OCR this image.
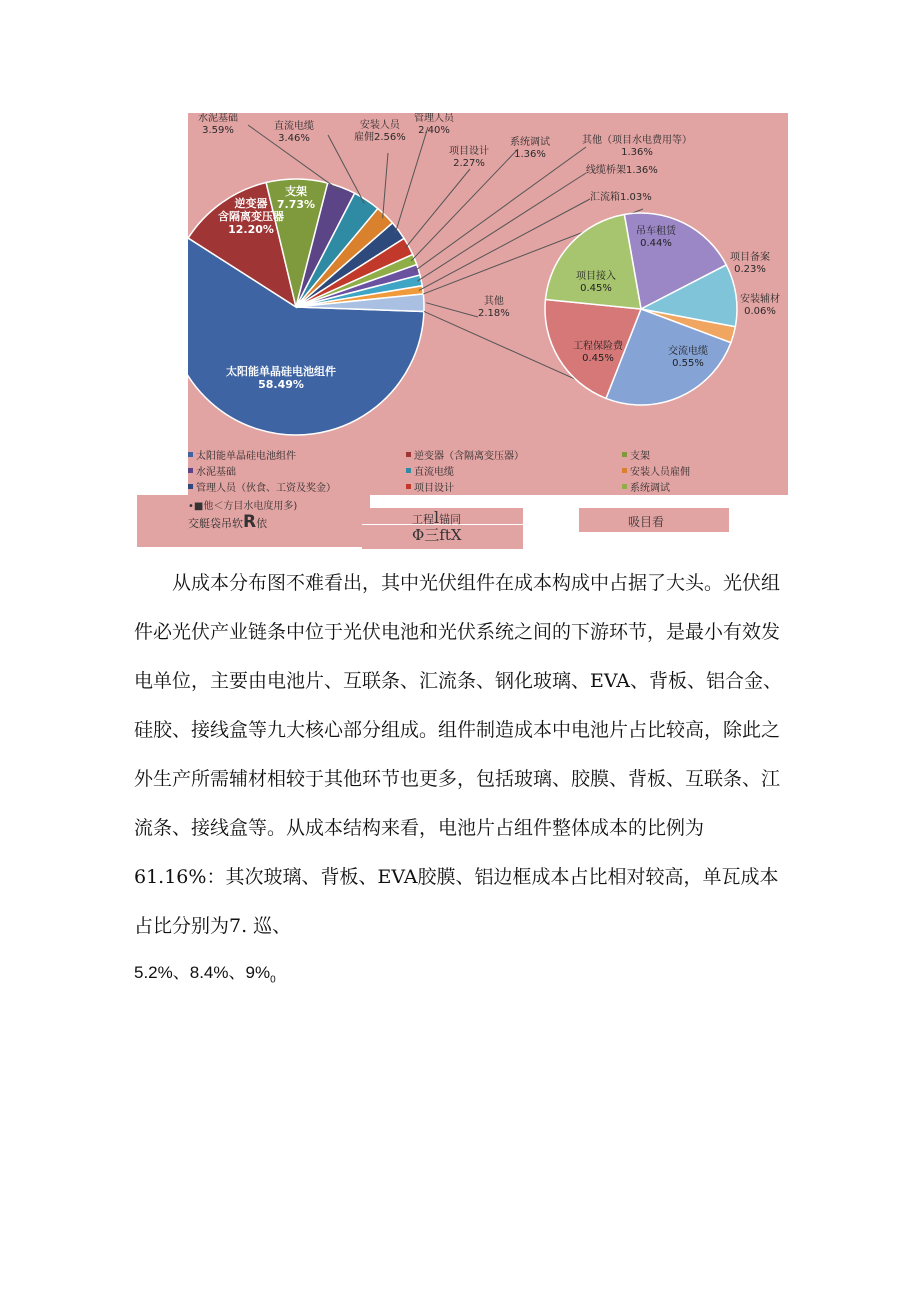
太阳能单晶硅电池组件
58.49%
逆变器
含隔离变压器
12.20%
支架
7.73%
水泥基础
3.59%	直流电缆
3.46%
安装人员
雇佣2.56%
管理人员
2.40%
项目设计
2.27%
系统调试
1.36%
其他（项目水电费用等）
1.36%
线缆桥架1.36%
汇流箱1.03%
其他
2.18%
吊车租赁
0.44%
项目备案
0.23%
安装辅材
0.06%
交流电缆
0.55%
工程保险费
0.45%
项目接入
0.45%
太阳能单晶硅电池组件	逆变器（含隔离变压器）	支架
水泥基础	直流电缆	安装人员雇佣
管理人员（伙食、工资及奖金）	项目设计	系统调试
•■他＜方目水电度用多)
交艇袋吊软R依	工程l锚同
Φ三ftX
吸目看
从成本分布图不难看出，其中光伏组件在成本构成中占据了大头。光伏组件必光伏产业链条中位于光伏电池和光伏系统之间的下游环节，是最小有效发电单位，主要由电池片、互联条、汇流条、钢化玻璃、EVA、背板、铝合金、硅胶、接线盒等九大核心部分组成。组件制造成本中电池片占比较高，除此之外生产所需辅材相较于其他环节也更多，包括玻璃、胶膜、背板、互联条、江流条、接线盒等。从成本结构来看，电池片占组件整体成本的比例为61.16%：其次玻璃、背板、EVA胶膜、铝边框成本占比相对较高，单瓦成本占比分别为7. 巡、
5.2%、8.4%、$9\%_0$
